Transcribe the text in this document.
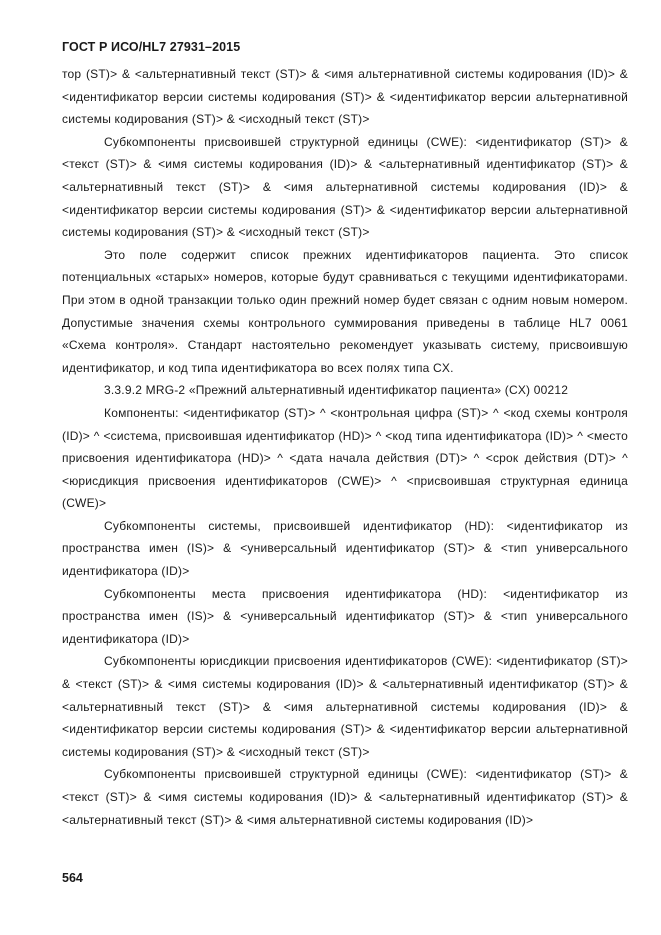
ГОСТ Р ИСО/HL7 27931–2015

тор (ST)> & <альтернативный текст (ST)> & <имя альтернативной системы кодирования (ID)> & <идентификатор версии системы кодирования (ST)> & <идентификатор версии альтернативной системы кодирования (ST)> & <исходный текст (ST)>

Субкомпоненты присвоившей структурной единицы (CWE): <идентификатор (ST)> & <текст (ST)> & <имя системы кодирования (ID)> & <альтернативный идентификатор (ST)> & <альтернативный текст (ST)> & <имя альтернативной системы кодирования (ID)> & <идентификатор версии системы кодирования (ST)> & <идентификатор версии альтернативной системы кодирования (ST)> & <исходный текст (ST)>

Это поле содержит список прежних идентификаторов пациента. Это список потенциальных «старых» номеров, которые будут сравниваться с текущими идентификаторами. При этом в одной транзакции только один прежний номер будет связан с одним новым номером. Допустимые значения схемы контрольного суммирования приведены в таблице HL7 0061 «Схема контроля». Стандарт настоятельно рекомендует указывать систему, присвоившую идентификатор, и код типа идентификатора во всех полях типа CX.

3.3.9.2 MRG-2 «Прежний альтернативный идентификатор пациента» (CX) 00212

Компоненты: <идентификатор (ST)> ^ <контрольная цифра (ST)> ^ <код схемы контроля (ID)> ^ <система, присвоившая идентификатор (HD)> ^ <код типа идентификатора (ID)> ^ <место присвоения идентификатора (HD)> ^ <дата начала действия (DT)> ^ <срок действия (DT)> ^ <юрисдикция присвоения идентификаторов (CWE)> ^ <присвоившая структурная единица (CWE)>

Субкомпоненты системы, присвоившей идентификатор (HD): <идентификатор из пространства имен (IS)> & <универсальный идентификатор (ST)> & <тип универсального идентификатора (ID)>

Субкомпоненты места присвоения идентификатора (HD): <идентификатор из пространства имен (IS)> & <универсальный идентификатор (ST)> & <тип универсального идентификатора (ID)>

Субкомпоненты юрисдикции присвоения идентификаторов (CWE): <идентификатор (ST)> & <текст (ST)> & <имя системы кодирования (ID)> & <альтернативный идентификатор (ST)> & <альтернативный текст (ST)> & <имя альтернативной системы кодирования (ID)> & <идентификатор версии системы кодирования (ST)> & <идентификатор версии альтернативной системы кодирования (ST)> & <исходный текст (ST)>

Субкомпоненты присвоившей структурной единицы (CWE): <идентификатор (ST)> & <текст (ST)> & <имя системы кодирования (ID)> & <альтернативный идентификатор (ST)> & <альтернативный текст (ST)> & <имя альтернативной системы кодирования (ID)>

564
